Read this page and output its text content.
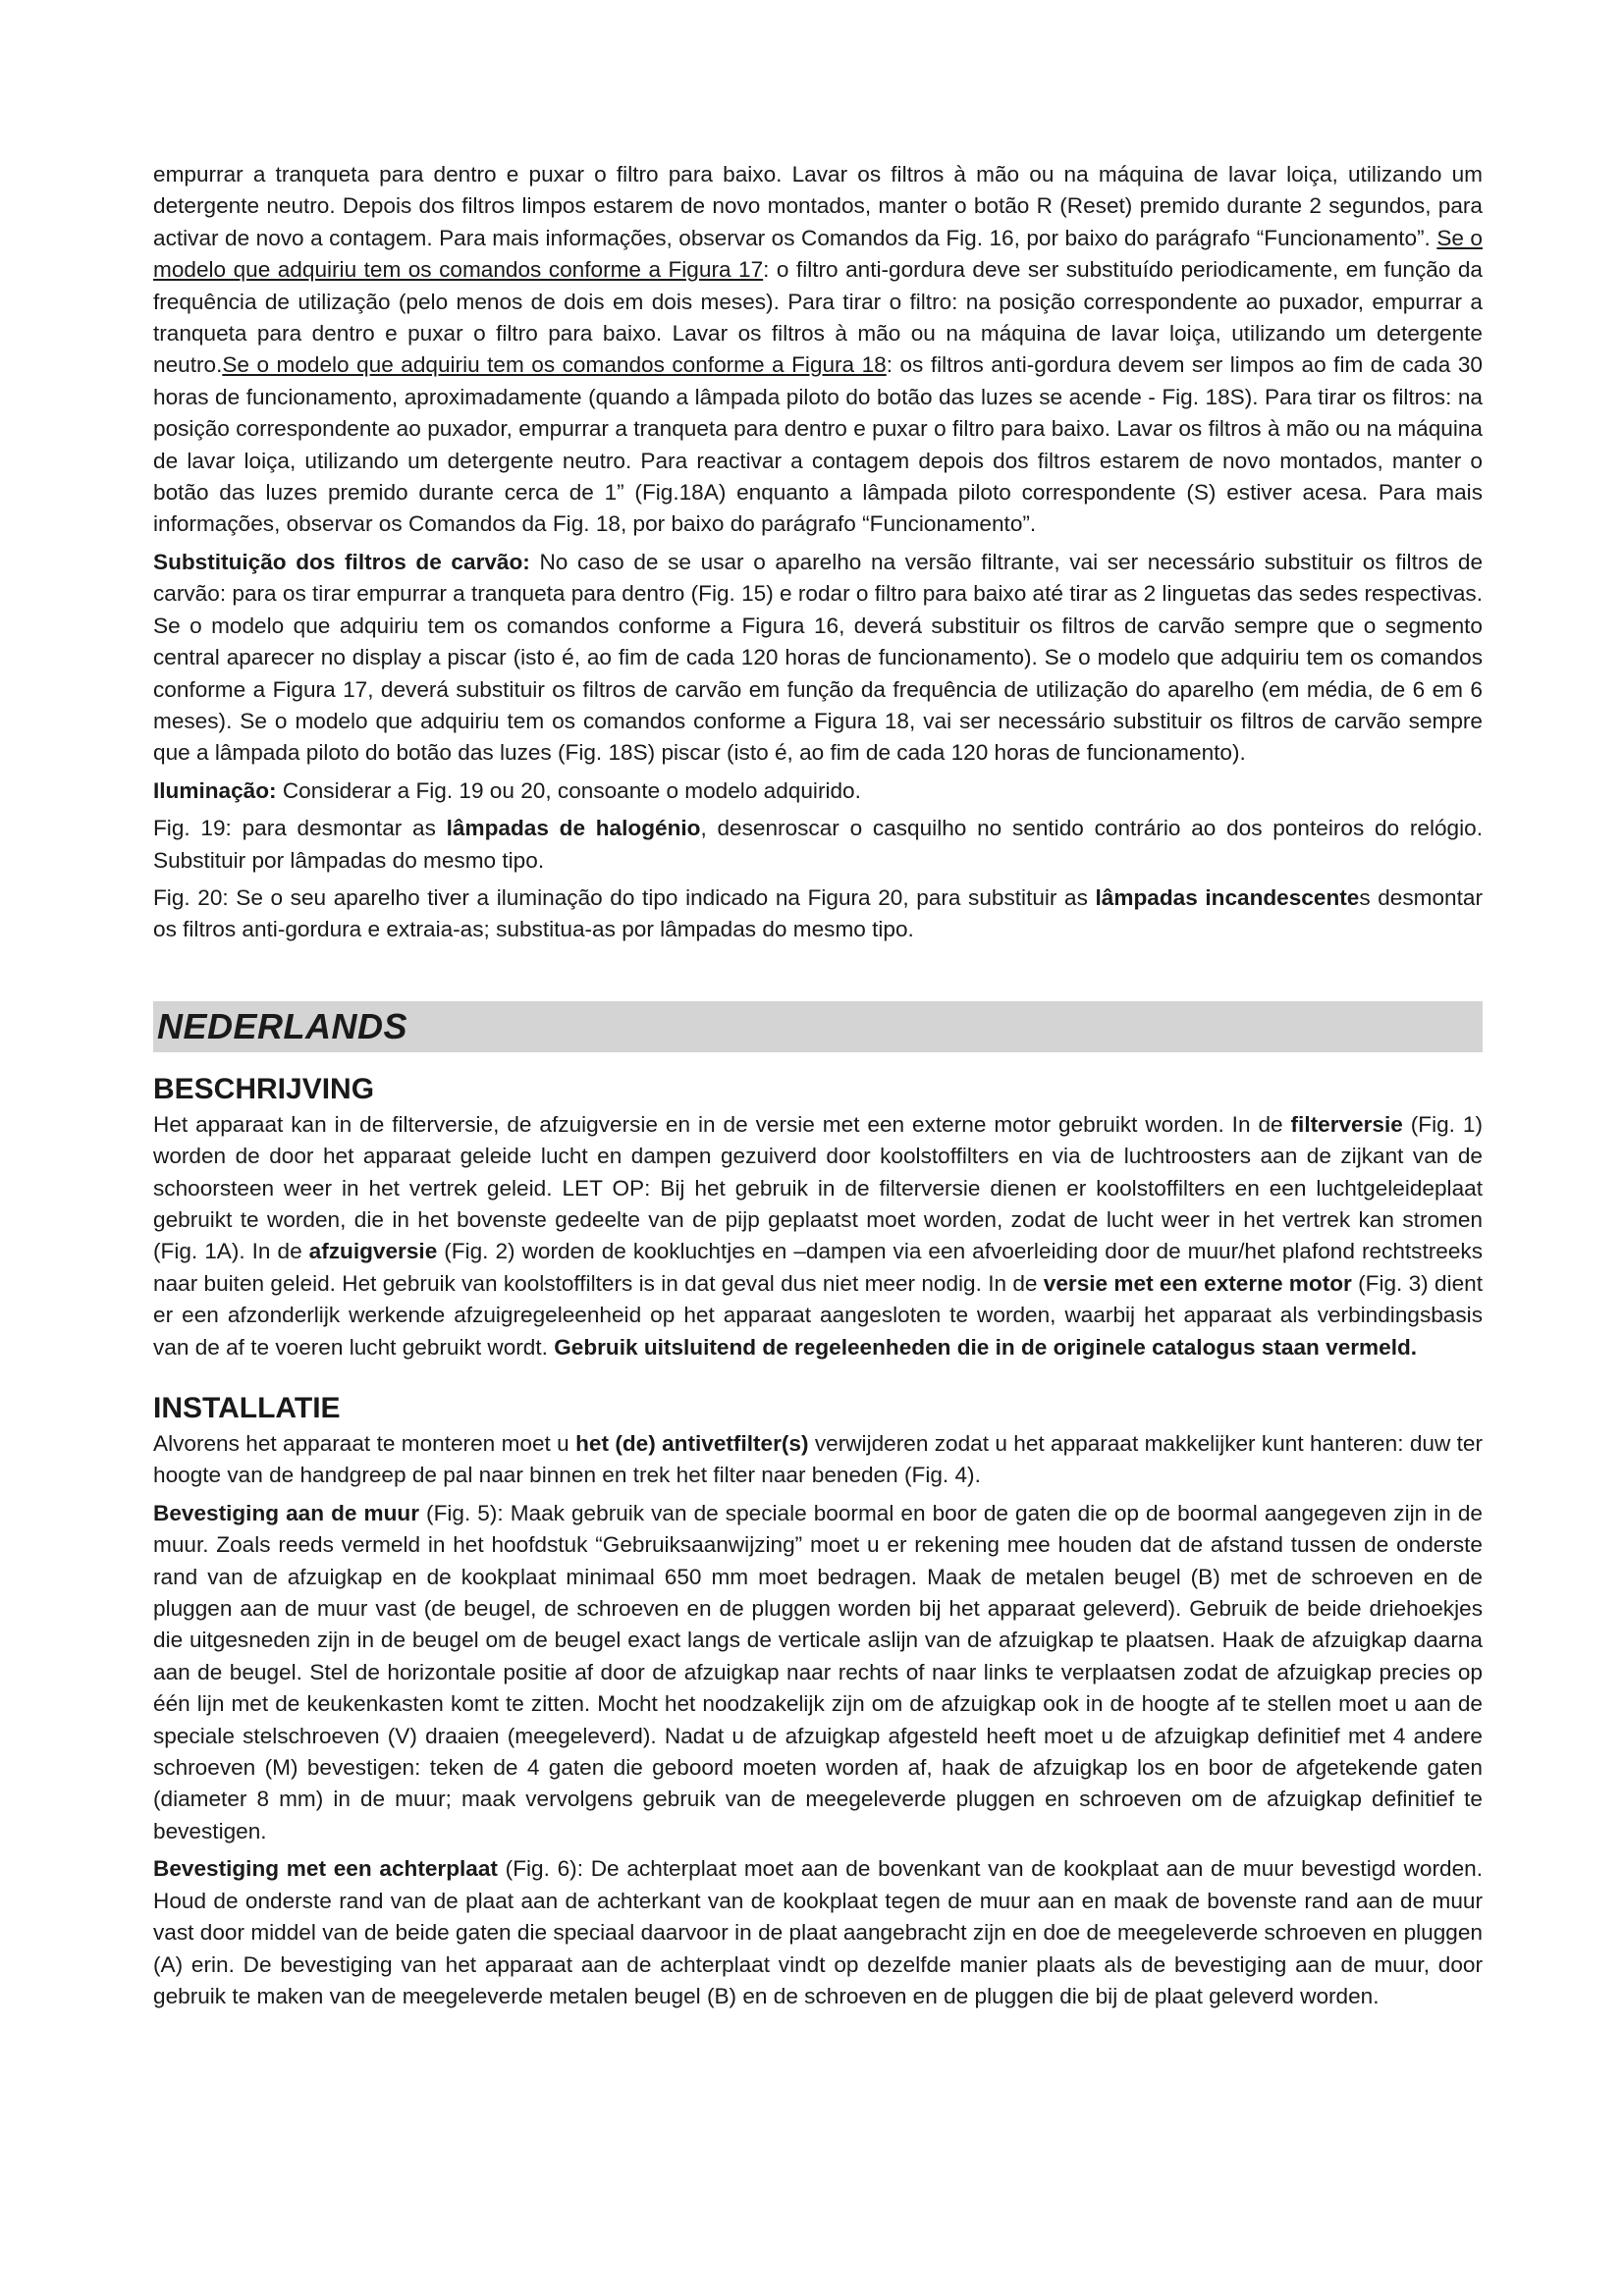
empurrar a tranqueta para dentro e puxar o filtro para baixo. Lavar os filtros à mão ou na máquina de lavar loiça, utilizando um detergente neutro. Depois dos filtros limpos estarem de novo montados, manter o botão R (Reset) premido durante 2 segundos, para activar de novo a contagem. Para mais informações, observar os Comandos da Fig. 16, por baixo do parágrafo “Funcionamento”. Se o modelo que adquiriu tem os comandos conforme a Figura 17: o filtro anti-gordura deve ser substituído periodicamente, em função da frequência de utilização (pelo menos de dois em dois meses). Para tirar o filtro: na posição correspondente ao puxador, empurrar a tranqueta para dentro e puxar o filtro para baixo. Lavar os filtros à mão ou na máquina de lavar loiça, utilizando um detergente neutro.Se o modelo que adquiriu tem os comandos conforme a Figura 18: os filtros anti-gordura devem ser limpos ao fim de cada 30 horas de funcionamento, aproximadamente (quando a lâmpada piloto do botão das luzes se acende - Fig. 18S). Para tirar os filtros: na posição correspondente ao puxador, empurrar a tranqueta para dentro e puxar o filtro para baixo. Lavar os filtros à mão ou na máquina de lavar loiça, utilizando um detergente neutro. Para reactivar a contagem depois dos filtros estarem de novo montados, manter o botão das luzes premido durante cerca de 1” (Fig.18A) enquanto a lâmpada piloto correspondente (S) estiver acesa. Para mais informações, observar os Comandos da Fig. 18, por baixo do parágrafo “Funcionamento”.

Substituição dos filtros de carvão: No caso de se usar o aparelho na versão filtrante, vai ser necessário substituir os filtros de carvão: para os tirar empurrar a tranqueta para dentro (Fig. 15) e rodar o filtro para baixo até tirar as 2 linguetas das sedes respectivas. Se o modelo que adquiriu tem os comandos conforme a Figura 16, deverá substituir os filtros de carvão sempre que o segmento central aparecer no display a piscar (isto é, ao fim de cada 120 horas de funcionamento). Se o modelo que adquiriu tem os comandos conforme a Figura 17, deverá substituir os filtros de carvão em função da frequência de utilização do aparelho (em média, de 6 em 6 meses). Se o modelo que adquiriu tem os comandos conforme a Figura 18, vai ser necessário substituir os filtros de carvão sempre que a lâmpada piloto do botão das luzes (Fig. 18S) piscar (isto é, ao fim de cada 120 horas de funcionamento).

Iluminação: Considerar a Fig. 19 ou 20, consoante o modelo adquirido.

Fig. 19: para desmontar as lâmpadas de halogénio, desenroscar o casquilho no sentido contrário ao dos ponteiros do relógio. Substituir por lâmpadas do mesmo tipo.

Fig. 20: Se o seu aparelho tiver a iluminação do tipo indicado na Figura 20, para substituir as lâmpadas incandescentes desmontar os filtros anti-gordura e extraia-as; substitua-as por lâmpadas do mesmo tipo.

NEDERLANDS
BESCHRIJVING

Het apparaat kan in de filterversie, de afzuigversie en in de versie met een externe motor gebruikt worden. In de filterversie (Fig. 1) worden de door het apparaat geleide lucht en dampen gezuiverd door koolstoffilters en via de luchtroosters aan de zijkant van de schoorsteen weer in het vertrek geleid. LET OP: Bij het gebruik in de filterversie dienen er koolstoffilters en een luchtgeleideplaat gebruikt te worden, die in het bovenste gedeelte van de pijp geplaatst moet worden, zodat de lucht weer in het vertrek kan stromen (Fig. 1A). In de afzuigversie (Fig. 2) worden de kookluchtjes en –dampen via een afvoerleiding door de muur/het plafond rechtstreeks naar buiten geleid. Het gebruik van koolstoffilters is in dat geval dus niet meer nodig. In de versie met een externe motor (Fig. 3) dient er een afzonderlijk werkende afzuigregeleenheid op het apparaat aangesloten te worden, waarbij het apparaat als verbindingsbasis van de af te voeren lucht gebruikt wordt. Gebruik uitsluitend de regeleenheden die in de originele catalogus staan vermeld.

INSTALLATIE

Alvorens het apparaat te monteren moet u het (de) antivetfilter(s) verwijderen zodat u het apparaat makkelijker kunt hanteren: duw ter hoogte van de handgreep de pal naar binnen en trek het filter naar beneden (Fig. 4).

Bevestiging aan de muur (Fig. 5): Maak gebruik van de speciale boormal en boor de gaten die op de boormal aangegeven zijn in de muur. Zoals reeds vermeld in het hoofdstuk “Gebruiksaanwijzing” moet u er rekening mee houden dat de afstand tussen de onderste rand van de afzuigkap en de kookplaat minimaal 650 mm moet bedragen. Maak de metalen beugel (B) met de schroeven en de pluggen aan de muur vast (de beugel, de schroeven en de pluggen worden bij het apparaat geleverd). Gebruik de beide driehoekjes die uitgesneden zijn in de beugel om de beugel exact langs de verticale aslijn van de afzuigkap te plaatsen. Haak de afzuigkap daarna aan de beugel. Stel de horizontale positie af door de afzuigkap naar rechts of naar links te verplaatsen zodat de afzuigkap precies op één lijn met de keukenkasten komt te zitten. Mocht het noodzakelijk zijn om de afzuigkap ook in de hoogte af te stellen moet u aan de speciale stelschroeven (V) draaien (meegeleverd). Nadat u de afzuigkap afgesteld heeft moet u de afzuigkap definitief met 4 andere schroeven (M) bevestigen: teken de 4 gaten die geboord moeten worden af, haak de afzuigkap los en boor de afgetekende gaten (diameter 8 mm) in de muur; maak vervolgens gebruik van de meegeleverde pluggen en schroeven om de afzuigkap definitief te bevestigen.

Bevestiging met een achterplaat (Fig. 6): De achterplaat moet aan de bovenkant van de kookplaat aan de muur bevestigd worden. Houd de onderste rand van de plaat aan de achterkant van de kookplaat tegen de muur aan en maak de bovenste rand aan de muur vast door middel van de beide gaten die speciaal daarvoor in de plaat aangebracht zijn en doe de meegeleverde schroeven en pluggen (A) erin. De bevestiging van het apparaat aan de achterplaat vindt op dezelfde manier plaats als de bevestiging aan de muur, door gebruik te maken van de meegeleverde metalen beugel (B) en de schroeven en de pluggen die bij de plaat geleverd worden.
